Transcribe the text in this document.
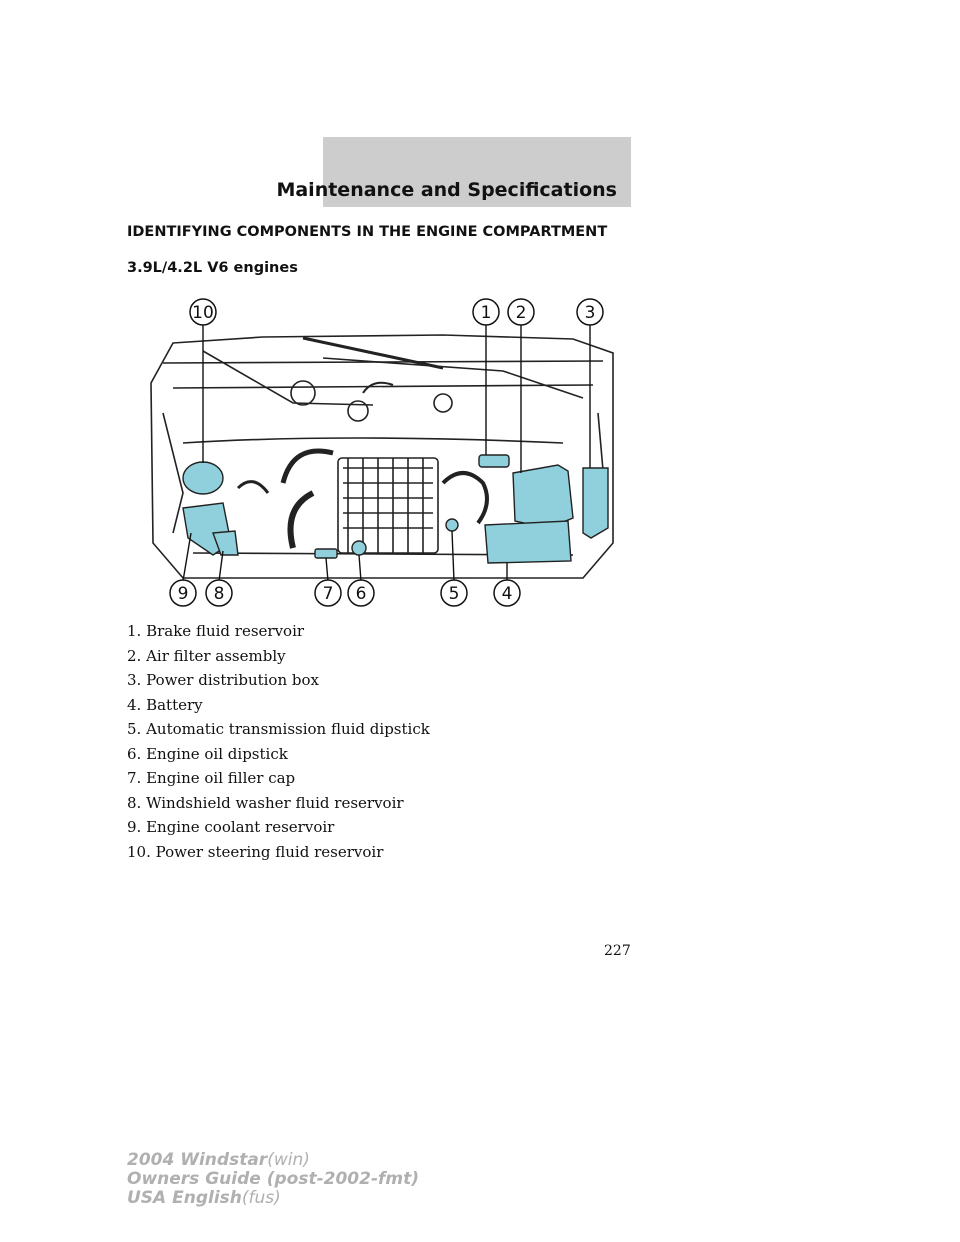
Maintenance and Specifications
IDENTIFYING COMPONENTS IN THE ENGINE COMPARTMENT
3.9L/4.2L V6 engines
10	1 2	3
9 8	7 6	5 4
1. Brake fluid reservoir
2. Air filter assembly
3. Power distribution box
4. Battery
5. Automatic transmission fluid dipstick
6. Engine oil dipstick
7. Engine oil filler cap
8. Windshield washer fluid reservoir
9. Engine coolant reservoir
10. Power steering fluid reservoir
227
2004 Windstar(win)
Owners Guide (post-2002-fmt)
USA English(fus)
